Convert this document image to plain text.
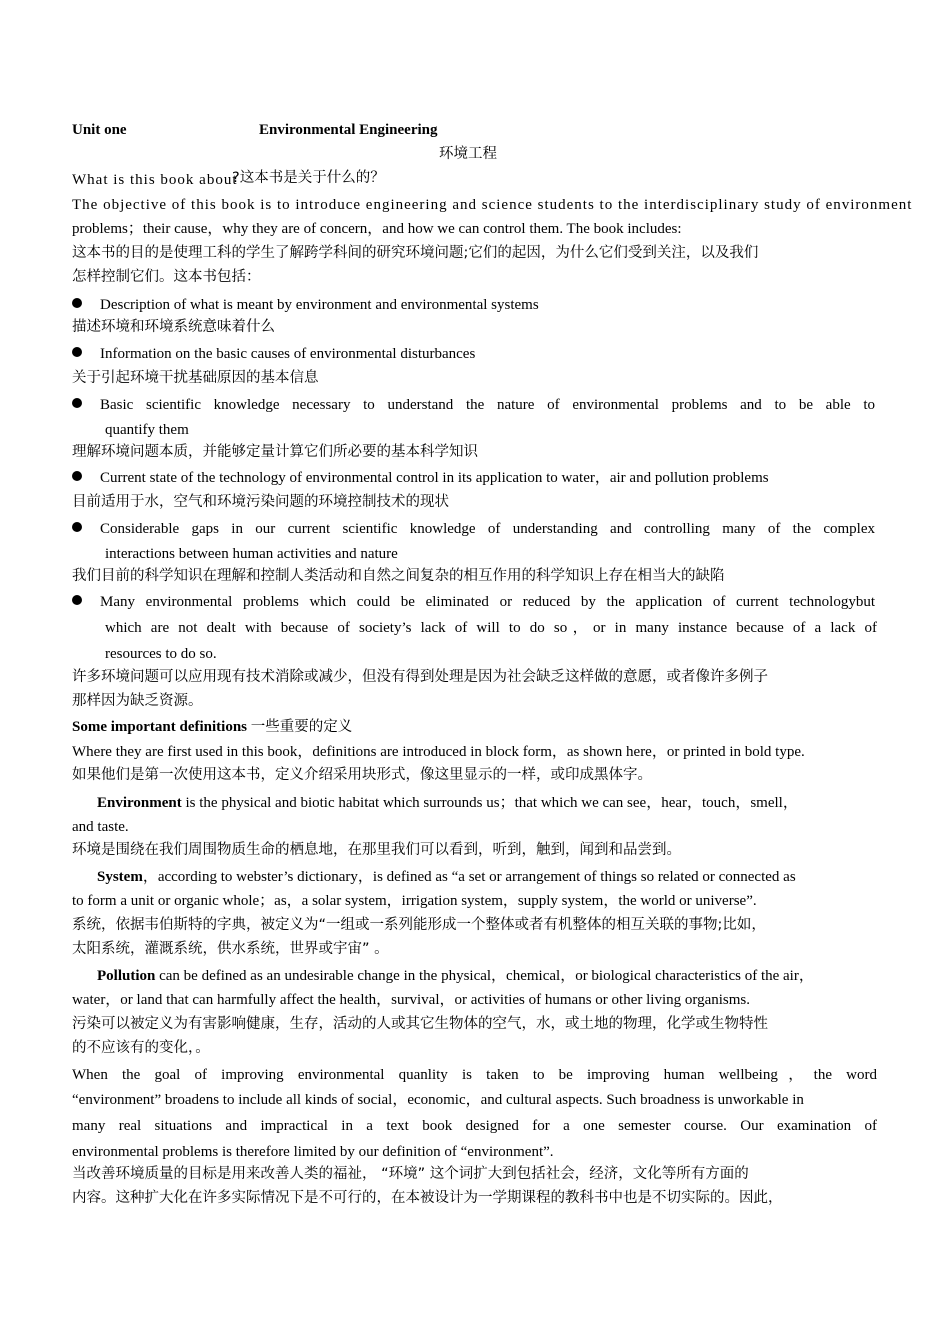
Unit one	Environmental Engineering
环境工程
What is this book about
?这本书是关于什么的？
The objective of this book is to introduce engineering and science students to the interdisciplinary study of environment
problems；their cause，why they are of concern，and how we can control them. The book includes:
这本书的目的是使理工科的学生了解跨学科间的研究环境问题;它们的起因，为什么它们受到关注，以及我们
怎样控制它们。这本书包括：
Description of what is meant by environment and environmental systems
描述环境和环境系统意味着什么
Information on the basic causes of environmental disturbances
关于引起环境干扰基础原因的基本信息
Basic scientific knowledge necessary to understand the nature of environmental problems and to be able to
quantify them
理解环境问题本质，并能够定量计算它们所必要的基本科学知识
Current state of the technology of environmental control in its application to water，air and pollution problems
目前适用于水，空气和环境污染问题的环境控制技术的现状
Considerable gaps in our current scientific knowledge of understanding and controlling many of the complex
interactions between human activities and nature
我们目前的科学知识在理解和控制人类活动和自然之间复杂的相互作用的科学知识上存在相当大的缺陷
Many environmental problems which could be eliminated or reduced by the application of current technologybut
which are not dealt with because of society’s lack of will to do so，or in many instance because of a lack of
resources to do so.
许多环境问题可以应用现有技术消除或减少，但没有得到处理是因为社会缺乏这样做的意愿，或者像许多例子
那样因为缺乏资源。
Some important definitions 一些重要的定义
Where they are first used in this book，definitions are introduced in block form，as shown here，or printed in bold type.
如果他们是第一次使用这本书，定义介绍采用块形式，像这里显示的一样，或印成黑体字。
Environment is the physical and biotic habitat which surrounds us；that which we can see，hear，touch，smell，
and taste.
环境是围绕在我们周围物质生命的栖息地，在那里我们可以看到，听到，触到，闻到和品尝到。
System，according to webster’s dictionary，is defined as “a set or arrangement of things so related or connected as
to form a unit or organic whole；as，a solar system，irrigation system，supply system，the world or universe”.
系统，依据韦伯斯特的字典，被定义为“一组或一系列能形成一个整体或者有机整体的相互关联的事物;比如，
太阳系统，灌溉系统，供水系统，世界或宇宙” 。
Pollution can be defined as an undesirable change in the physical，chemical，or biological characteristics of the air，
water，or land that can harmfully affect the health，survival，or activities of humans or other living organisms.
污染可以被定义为有害影响健康，生存，活动的人或其它生物体的空气，水，或土地的物理，化学或生物特性
的不应该有的变化，。
When the goal of improving environmental quanlity is taken to be improving human wellbeing，the word
“environment” broadens to include all kinds of social，economic，and cultural aspects. Such broadness is unworkable in
many real situations and impractical in a text book designed for a one semester course. Our examination of
environmental problems is therefore limited by our definition of “environment”.
当改善环境质量的目标是用来改善人类的福祉， “环境” 这个词扩大到包括社会，经济，文化等所有方面的
内容。这种扩大化在许多实际情况下是不可行的，在本被设计为一学期课程的教科书中也是不切实际的。因此，
